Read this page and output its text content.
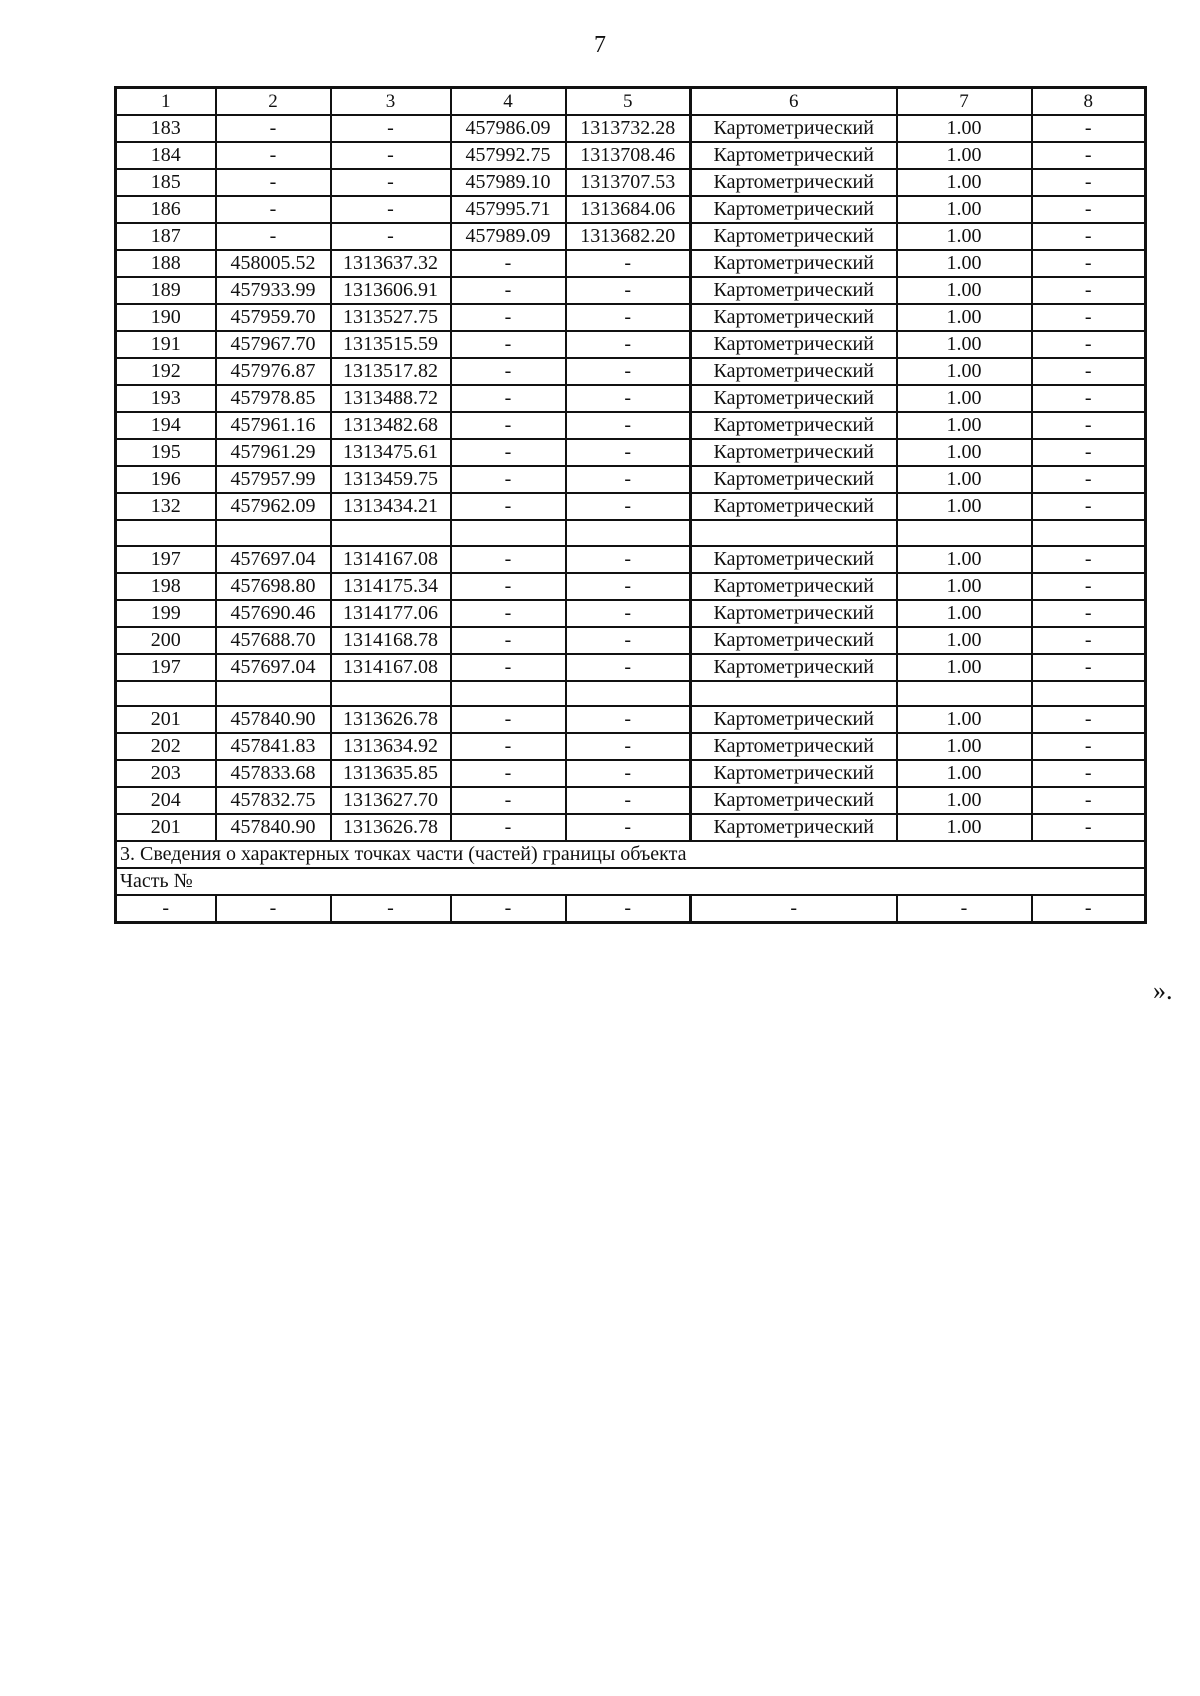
7
1	2	3	4	5	6	7	8
183	-	-	457986.09	1313732.28	Картометрический	1.00	-
184	-	-	457992.75	1313708.46	Картометрический	1.00	-
185	-	-	457989.10	1313707.53	Картометрический	1.00	-
186	-	-	457995.71	1313684.06	Картометрический	1.00	-
187	-	-	457989.09	1313682.20	Картометрический	1.00	-
188	458005.52	1313637.32	-	-	Картометрический	1.00	-
189	457933.99	1313606.91	-	-	Картометрический	1.00	-
190	457959.70	1313527.75	-	-	Картометрический	1.00	-
191	457967.70	1313515.59	-	-	Картометрический	1.00	-
192	457976.87	1313517.82	-	-	Картометрический	1.00	-
193	457978.85	1313488.72	-	-	Картометрический	1.00	-
194	457961.16	1313482.68	-	-	Картометрический	1.00	-
195	457961.29	1313475.61	-	-	Картометрический	1.00	-
196	457957.99	1313459.75	-	-	Картометрический	1.00	-
132	457962.09	1313434.21	-	-	Картометрический	1.00	-

197	457697.04	1314167.08	-	-	Картометрический	1.00	-
198	457698.80	1314175.34	-	-	Картометрический	1.00	-
199	457690.46	1314177.06	-	-	Картометрический	1.00	-
200	457688.70	1314168.78	-	-	Картометрический	1.00	-
197	457697.04	1314167.08	-	-	Картометрический	1.00	-

201	457840.90	1313626.78	-	-	Картометрический	1.00	-
202	457841.83	1313634.92	-	-	Картометрический	1.00	-
203	457833.68	1313635.85	-	-	Картометрический	1.00	-
204	457832.75	1313627.70	-	-	Картометрический	1.00	-
201	457840.90	1313626.78	-	-	Картометрический	1.00	-
3. Сведения о характерных точках части (частей) границы объекта							
Часть №							
-	-	-	-	-	-	-	-
».
